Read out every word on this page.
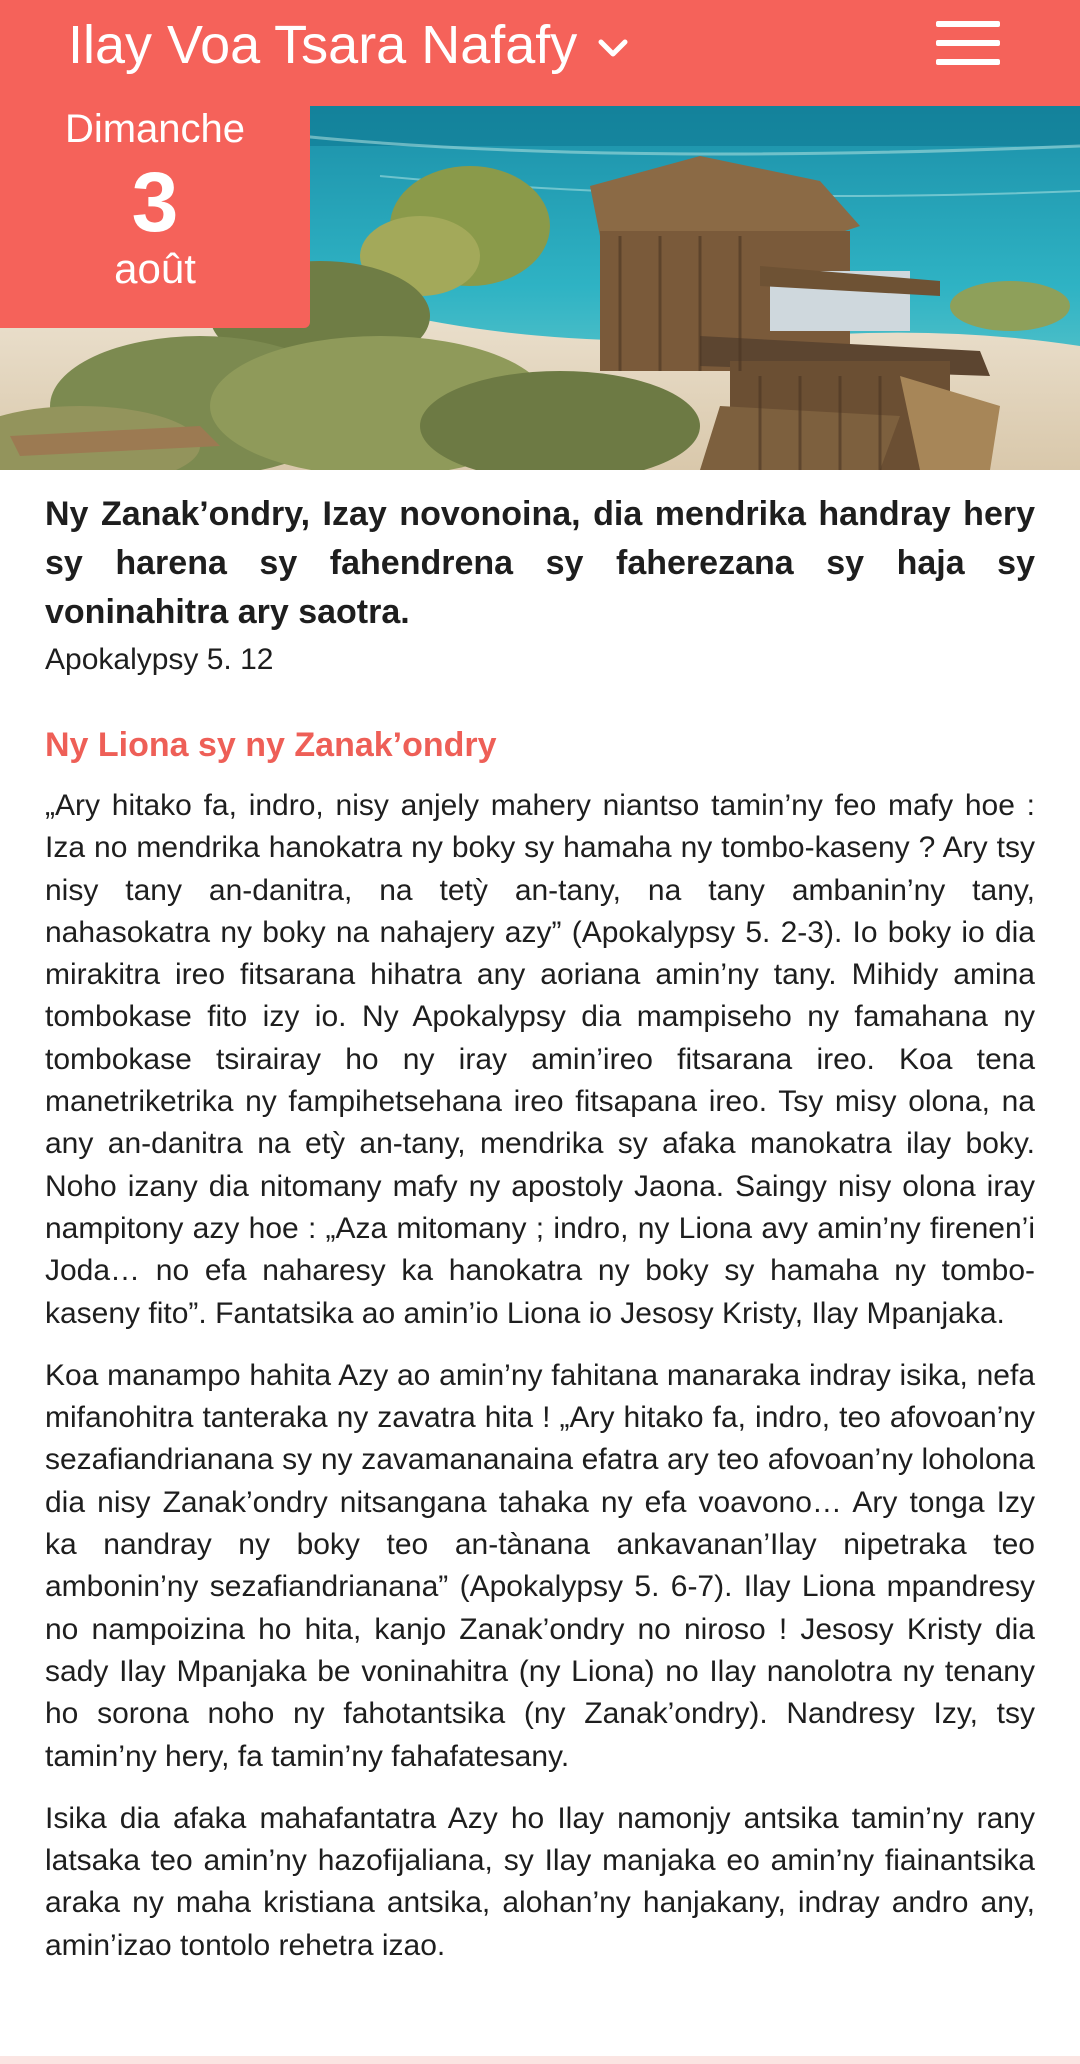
Ilay Voa Tsara Nafafy
Dimanche
3
août

Ny Zanak’ondry, Izay novonoina, dia mendrika handray hery sy harena sy fahendrena sy faherezana sy haja sy voninahitra ary saotra.

Apokalypsy 5. 12

Ny Liona sy ny Zanak’ondry

„Ary hitako fa, indro, nisy anjely mahery niantso tamin’ny feo mafy hoe : Iza no mendrika hanokatra ny boky sy hamaha ny tombo-kaseny ? Ary tsy nisy tany an-danitra, na tetỳ an-tany, na tany ambanin’ny tany, nahasokatra ny boky na nahajery azy” (Apokalypsy 5. 2-3). Io boky io dia mirakitra ireo fitsarana hihatra any aoriana amin’ny tany. Mihidy amina tombokase fito izy io. Ny Apokalypsy dia mampiseho ny famahana ny tombokase tsirairay ho ny iray amin’ireo fitsarana ireo. Koa tena manetriketrika ny fampihetsehana ireo fitsapana ireo. Tsy misy olona, na any an-danitra na etỳ an-tany, mendrika sy afaka manokatra ilay boky. Noho izany dia nitomany mafy ny apostoly Jaona. Saingy nisy olona iray nampitony azy hoe : „Aza mitomany ; indro, ny Liona avy amin’ny firenen’i Joda… no efa naharesy ka hanokatra ny boky sy hamaha ny tombo-kaseny fito”. Fantatsika ao amin’io Liona io Jesosy Kristy, Ilay Mpanjaka.

Koa manampo hahita Azy ao amin’ny fahitana manaraka indray isika, nefa mifanohitra tanteraka ny zavatra hita ! „Ary hitako fa, indro, teo afovoan’ny sezafiandrianana sy ny zavamananaina efatra ary teo afovoan’ny loholona dia nisy Zanak’ondry nitsangana tahaka ny efa voavono… Ary tonga Izy ka nandray ny boky teo an-tànana ankavanan’Ilay nipetraka teo ambonin’ny sezafiandrianana” (Apokalypsy 5. 6-7). Ilay Liona mpandresy no nampoizina ho hita, kanjo Zanak’ondry no niroso ! Jesosy Kristy dia sady Ilay Mpanjaka be voninahitra (ny Liona) no Ilay nanolotra ny tenany ho sorona noho ny fahotantsika (ny Zanak’ondry). Nandresy Izy, tsy tamin’ny hery, fa tamin’ny fahafatesany.

Isika dia afaka mahafantatra Azy ho Ilay namonjy antsika tamin’ny rany latsaka teo amin’ny hazofijaliana, sy Ilay manjaka eo amin’ny fiainantsika araka ny maha kristiana antsika, alohan’ny hanjakany, indray andro any, amin’izao tontolo rehetra izao.
